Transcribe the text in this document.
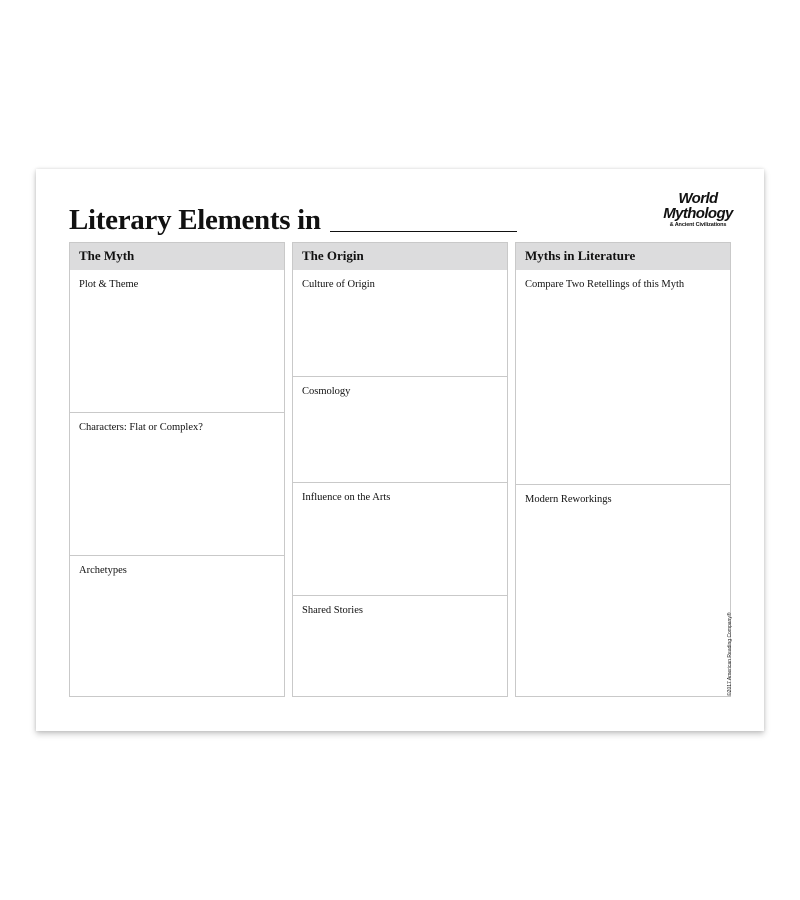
Literary Elements in
World
Mythology
& Ancient Civilizations
The Myth
Plot & Theme
Characters: Flat or Complex?
Archetypes
The Origin
Culture of Origin
Cosmology
Influence on the Arts
Shared Stories
Myths in Literature
Compare Two Retellings of this Myth
Modern Reworkings
©2017 American Reading Company®
